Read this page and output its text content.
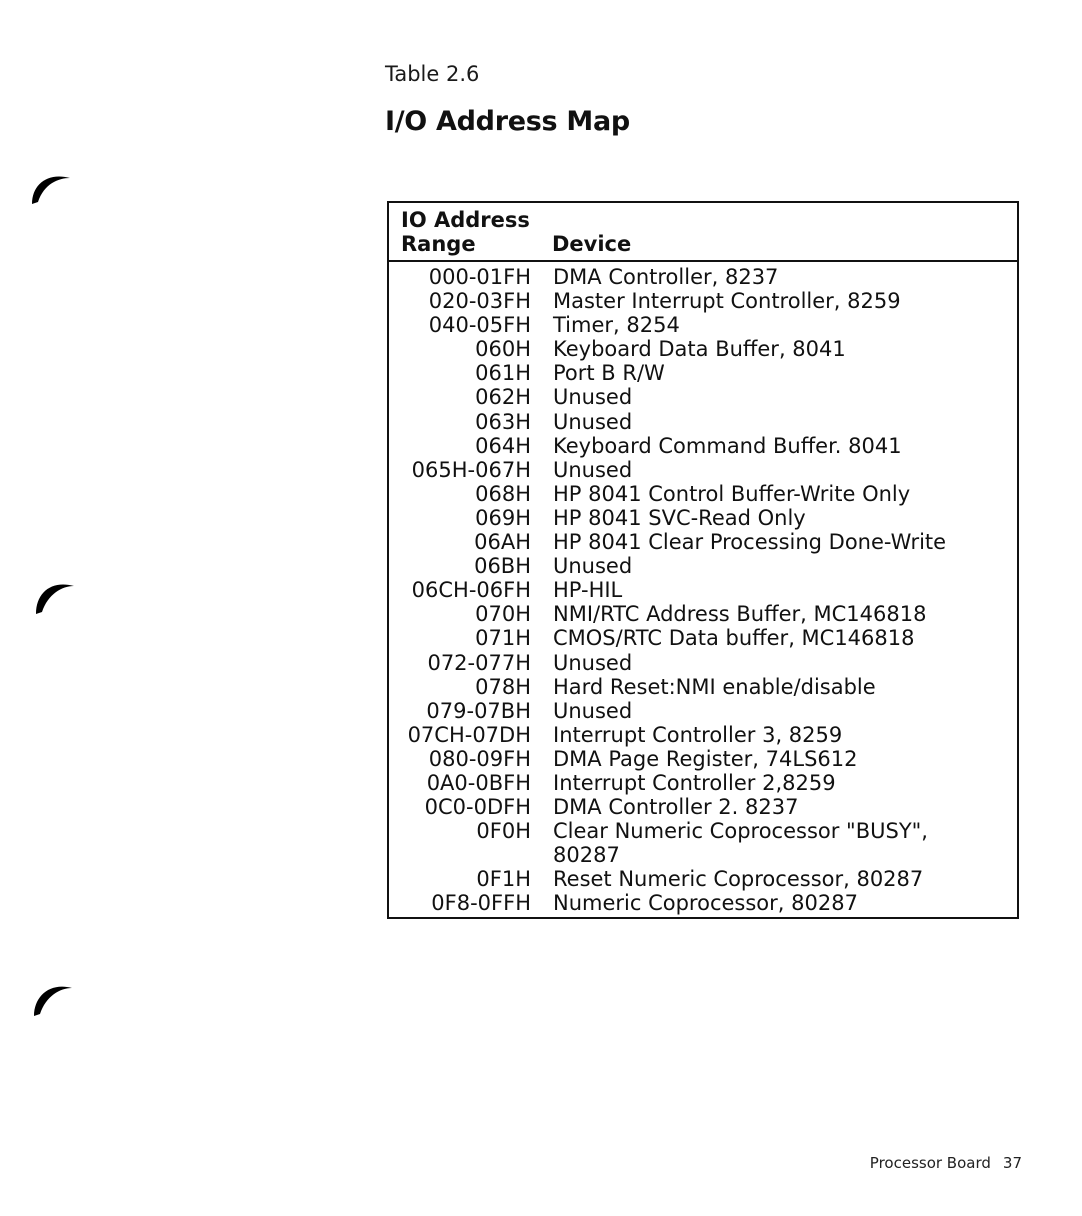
Table 2.6
I/O Address Map
IO Address
Range	Device
000-01FH DMA Controller, 8237
020-03FH Master Interrupt Controller, 8259
040-05FH Timer, 8254
060H Keyboard Data Buffer, 8041
061H Port B R/W
062H Unused
063H Unused
064H Keyboard Command Buffer. 8041
065H-067H Unused
068H HP 8041 Control Buffer-Write Only
069H HP 8041 SVC-Read Only
06AH HP 8041 Clear Processing Done-Write
06BH Unused
06CH-06FH HP-HIL
070H NMI/RTC Address Buffer, MC146818
071H CMOS/RTC Data buffer, MC146818
072-077H Unused
078H Hard Reset:NMI enable/disable
079-07BH Unused
07CH-07DH Interrupt Controller 3, 8259
080-09FH DMA Page Register, 74LS612
0A0-0BFH Interrupt Controller 2,8259
0C0-0DFH DMA Controller 2. 8237
0F0H Clear Numeric Coprocessor "BUSY", 80287
0F1H Reset Numeric Coprocessor, 80287
0F8-0FFH Numeric Coprocessor, 80287
Processor Board 37
